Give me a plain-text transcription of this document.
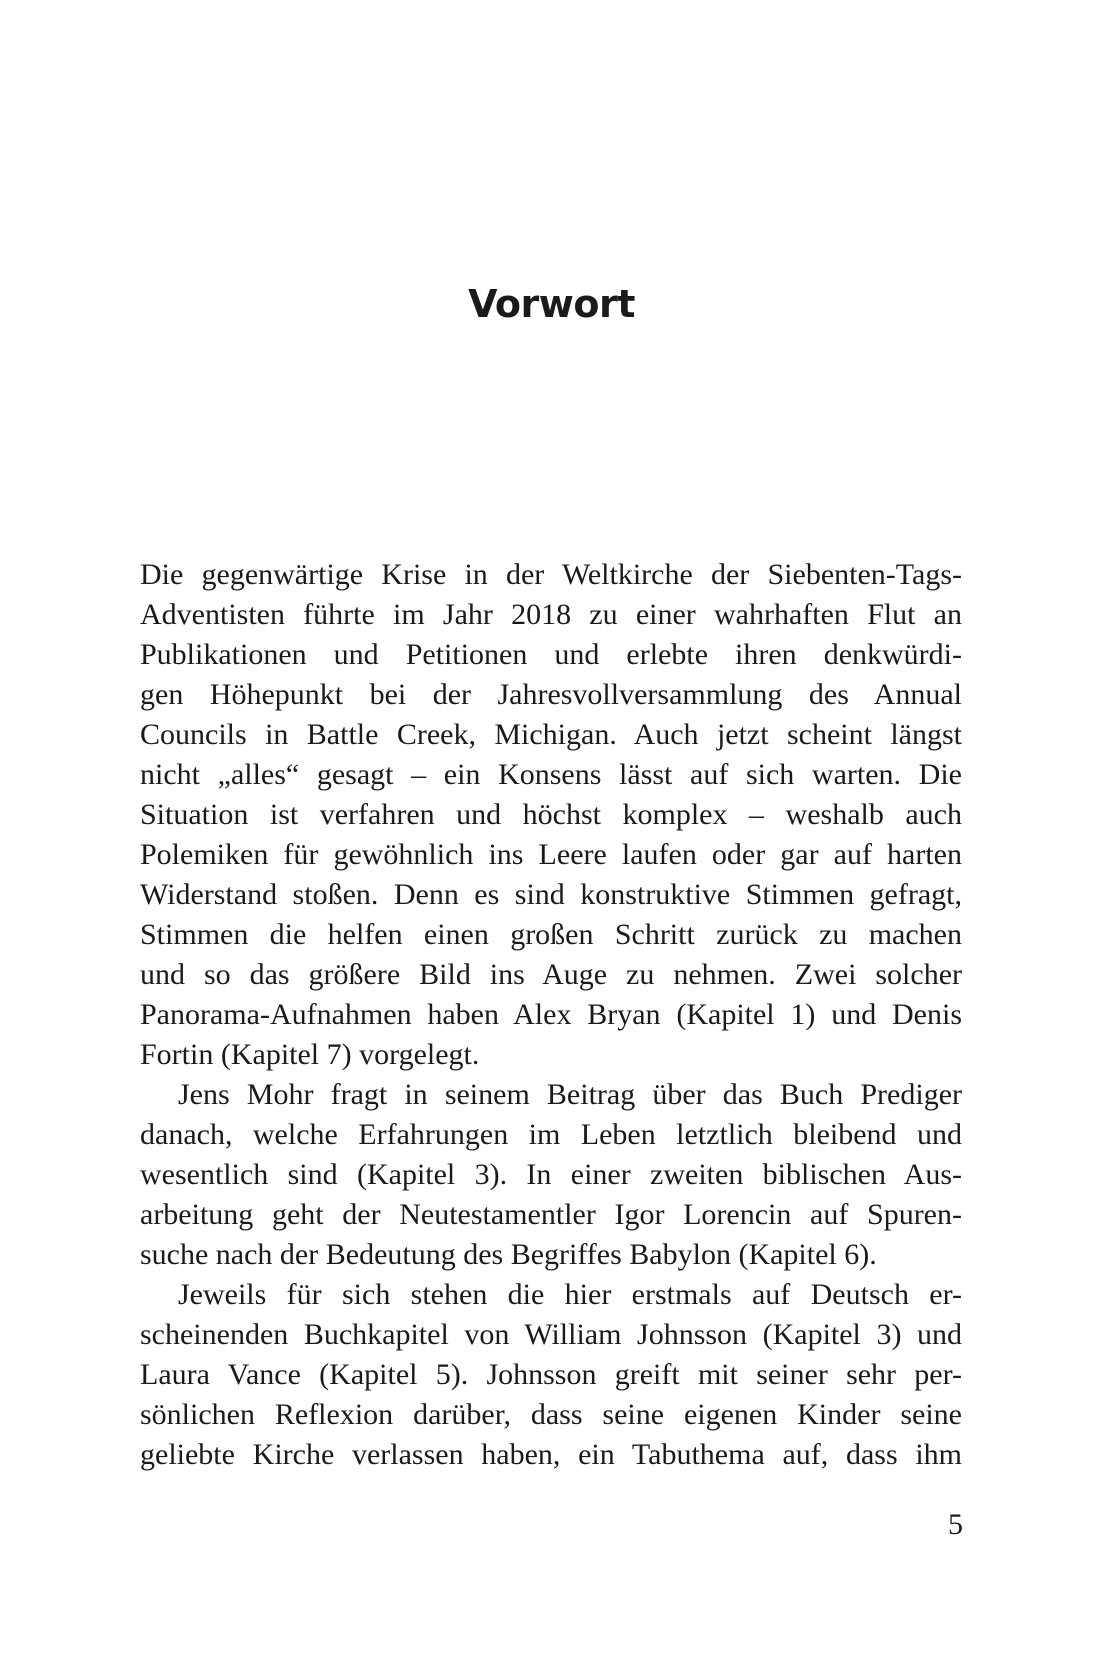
Vorwort

Die gegenwärtige Krise in der Weltkirche der Siebenten-Tags-
Adventisten führte im Jahr 2018 zu einer wahrhaften Flut an
Publikationen und Petitionen und erlebte ihren denkwürdi-
gen Höhepunkt bei der Jahresvollversammlung des Annual
Councils in Battle Creek, Michigan. Auch jetzt scheint längst
nicht „alles“ gesagt – ein Konsens lässt auf sich warten. Die
Situation ist verfahren und höchst komplex – weshalb auch
Polemiken für gewöhnlich ins Leere laufen oder gar auf harten
Widerstand stoßen. Denn es sind konstruktive Stimmen gefragt,
Stimmen die helfen einen großen Schritt zurück zu machen
und so das größere Bild ins Auge zu nehmen. Zwei solcher
Panorama-Aufnahmen haben Alex Bryan (Kapitel 1) und Denis
Fortin (Kapitel 7) vorgelegt.

Jens Mohr fragt in seinem Beitrag über das Buch Prediger
danach, welche Erfahrungen im Leben letztlich bleibend und
wesentlich sind (Kapitel 3). In einer zweiten biblischen Aus-
arbeitung geht der Neutestamentler Igor Lorencin auf Spuren-
suche nach der Bedeutung des Begriffes Babylon (Kapitel 6).

Jeweils für sich stehen die hier erstmals auf Deutsch er-
scheinenden Buchkapitel von William Johnsson (Kapitel 3) und
Laura Vance (Kapitel 5). Johnsson greift mit seiner sehr per-
sönlichen Reflexion darüber, dass seine eigenen Kinder seine
geliebte Kirche verlassen haben, ein Tabuthema auf, dass ihm

5
